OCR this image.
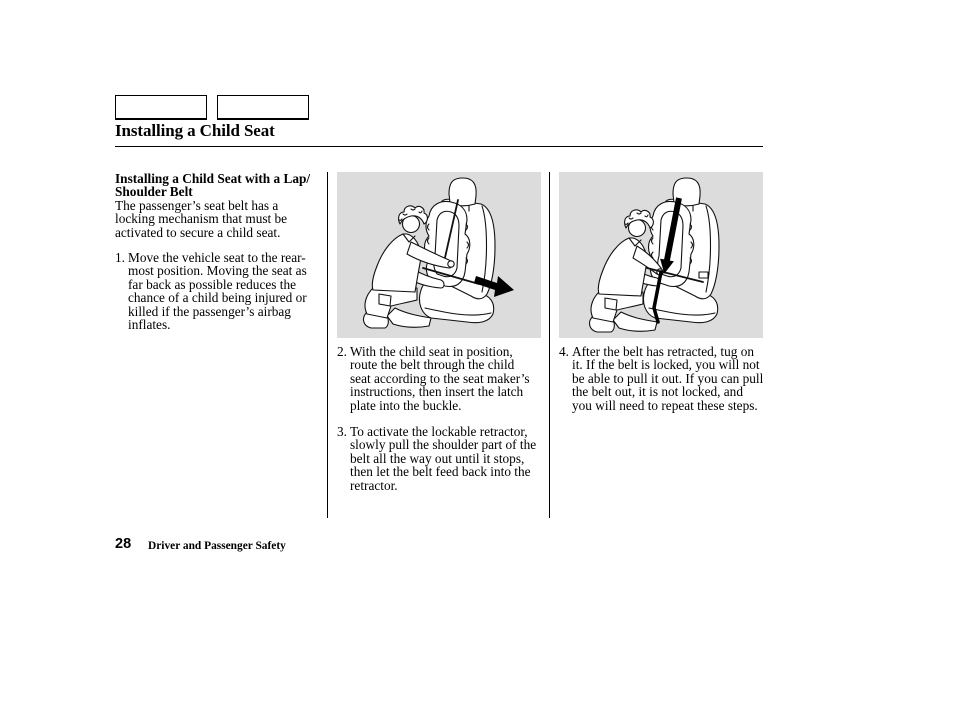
Installing a Child Seat
Installing a Child Seat with a Lap/
Shoulder Belt
The passenger’s seat belt has a
locking mechanism that must be
activated to secure a child seat.
1. Move the vehicle seat to the rear-
most position. Moving the seat as
far back as possible reduces the
chance of a child being injured or
killed if the passenger’s airbag
inflates.
2. With the child seat in position,
route the belt through the child
seat according to the seat maker’s
instructions, then insert the latch
plate into the buckle.
3. To activate the lockable retractor,
slowly pull the shoulder part of the
belt all the way out until it stops,
then let the belt feed back into the
retractor.
4. After the belt has retracted, tug on
it. If the belt is locked, you will not
be able to pull it out. If you can pull
the belt out, it is not locked, and
you will need to repeat these steps.
28 Driver and Passenger Safety
